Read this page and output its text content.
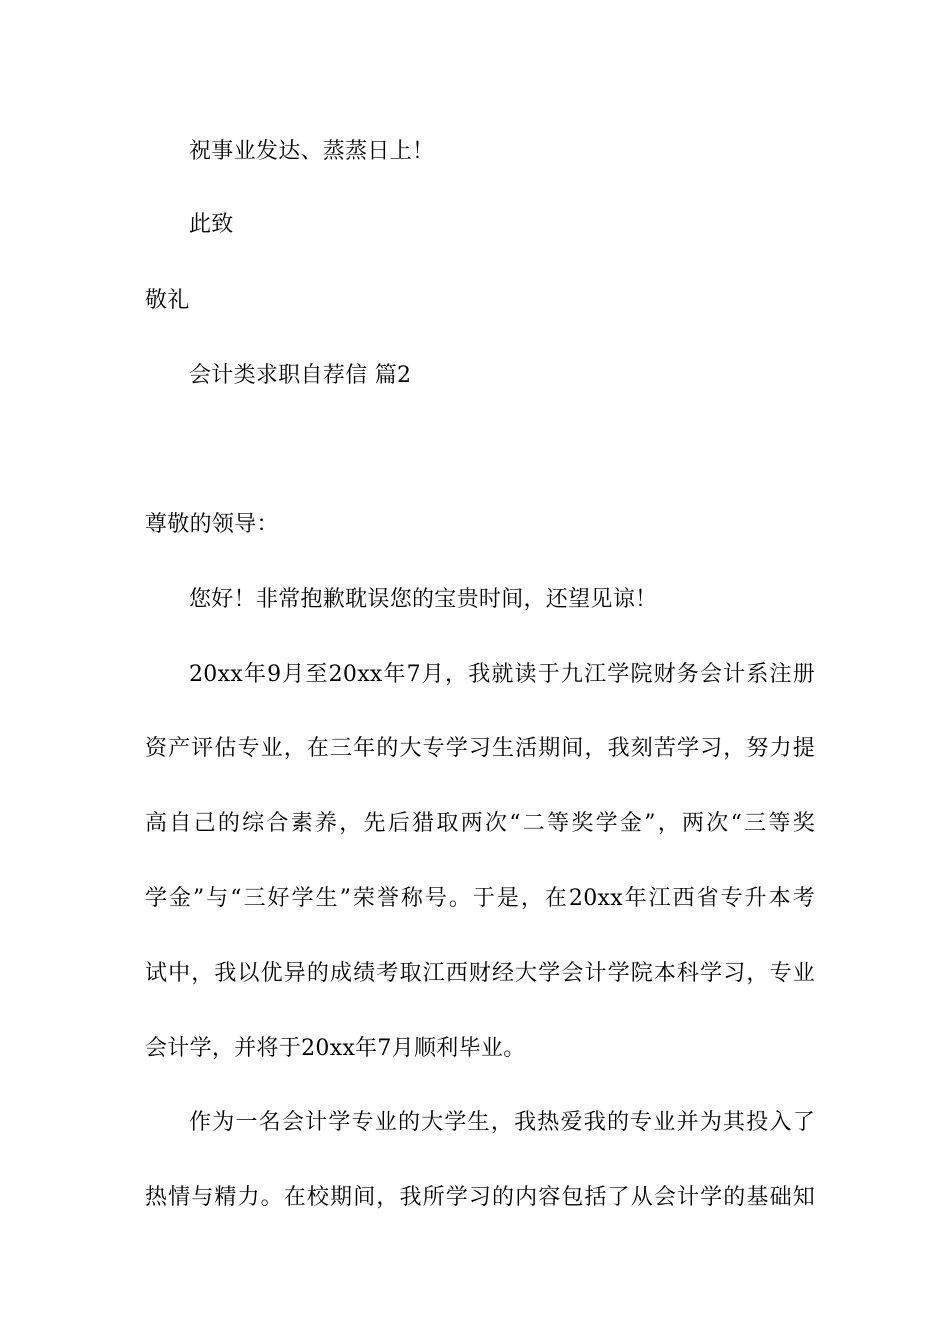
祝事业发达、蒸蒸日上！
此致
敬礼
会计类求职自荐信 篇2
尊敬的领导：
您好！非常抱歉耽误您的宝贵时间，还望见谅！
20xx年9月至20xx年7月，我就读于九江学院财务会计系注册
资产评估专业，在三年的大专学习生活期间，我刻苦学习，努力提
高自己的综合素养，先后猎取两次“二等奖学金”，两次“三等奖
学金”与“三好学生”荣誉称号。于是，在20xx年江西省专升本考
试中，我以优异的成绩考取江西财经大学会计学院本科学习，专业
会计学，并将于20xx年7月顺利毕业。
作为一名会计学专业的大学生，我热爱我的专业并为其投入了
热情与精力。在校期间，我所学习的内容包括了从会计学的基础知
